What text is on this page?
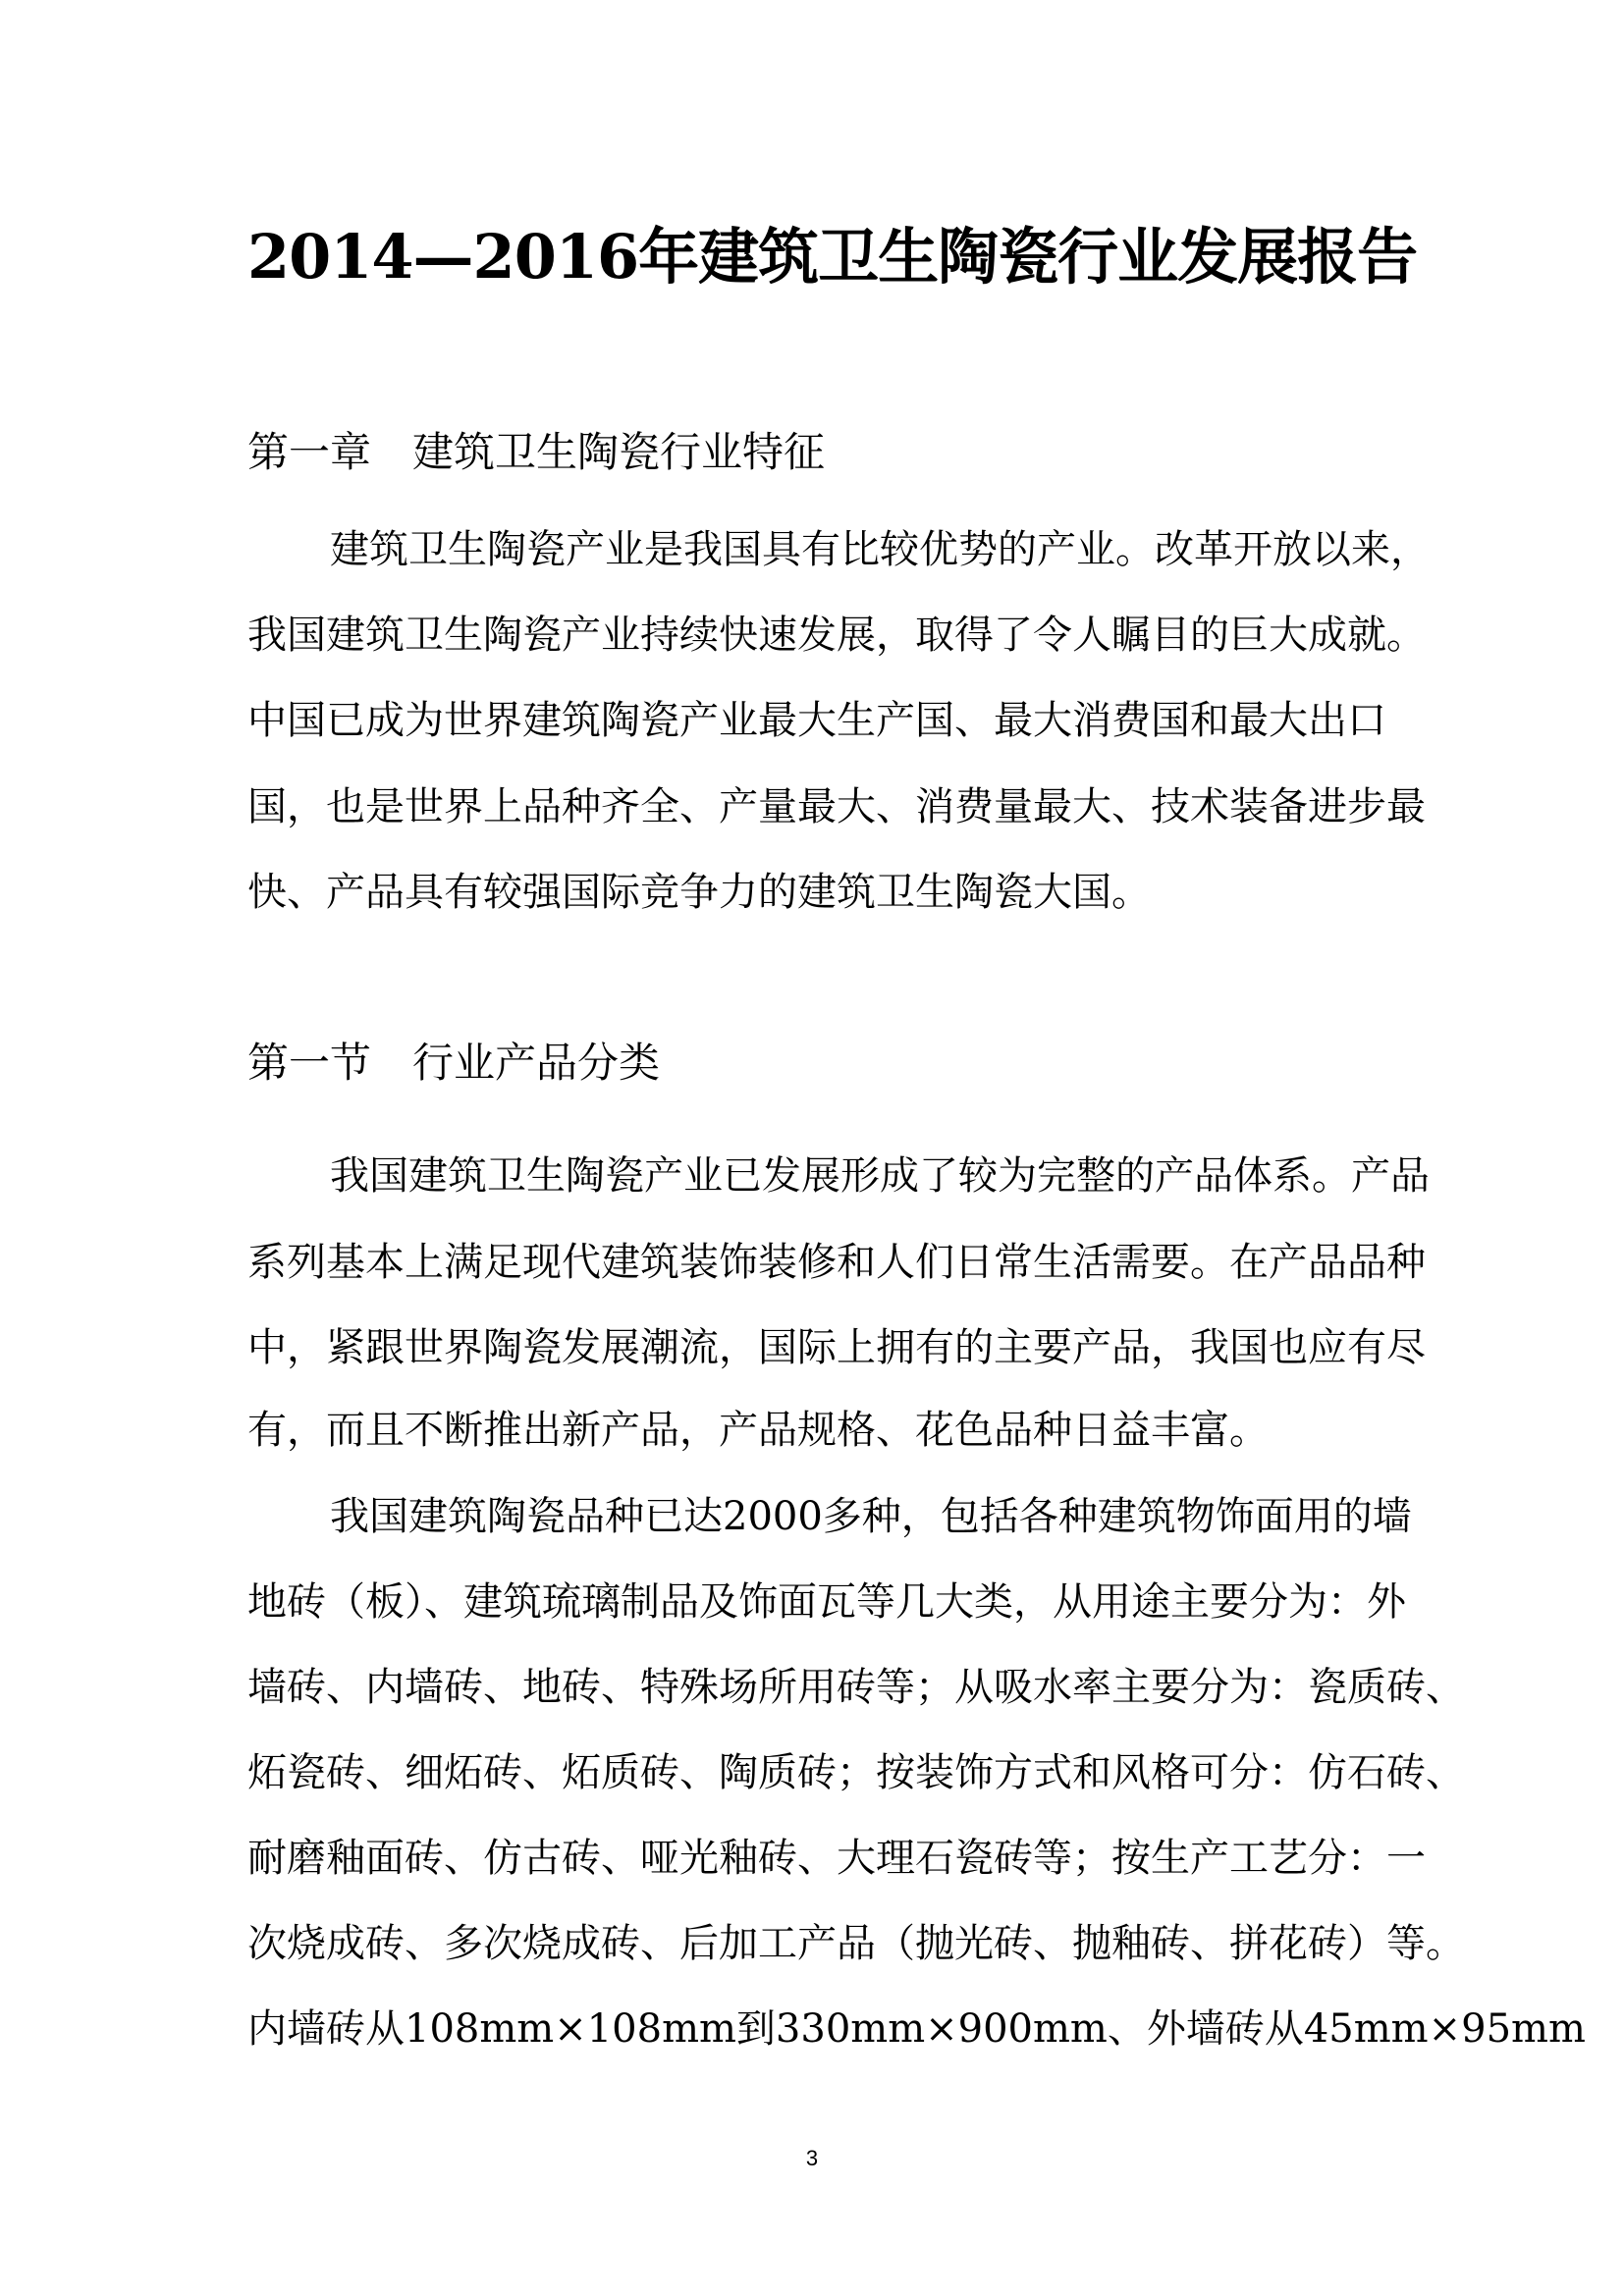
2014—2016年建筑卫生陶瓷行业发展报告
第一章　建筑卫生陶瓷行业特征
建筑卫生陶瓷产业是我国具有比较优势的产业。改革开放以来，
我国建筑卫生陶瓷产业持续快速发展，取得了令人瞩目的巨大成就。
中国已成为世界建筑陶瓷产业最大生产国、最大消费国和最大出口
国，也是世界上品种齐全、产量最大、消费量最大、技术装备进步最
快、产品具有较强国际竞争力的建筑卫生陶瓷大国。
第一节　行业产品分类
我国建筑卫生陶瓷产业已发展形成了较为完整的产品体系。产品
系列基本上满足现代建筑装饰装修和人们日常生活需要。在产品品种
中，紧跟世界陶瓷发展潮流，国际上拥有的主要产品，我国也应有尽
有，而且不断推出新产品，产品规格、花色品种日益丰富。
我国建筑陶瓷品种已达2000多种，包括各种建筑物饰面用的墙
地砖（板）、建筑琉璃制品及饰面瓦等几大类，从用途主要分为：外
墙砖、内墙砖、地砖、特殊场所用砖等；从吸水率主要分为：瓷质砖、
炻瓷砖、细炻砖、炻质砖、陶质砖；按装饰方式和风格可分：仿石砖、
耐磨釉面砖、仿古砖、哑光釉砖、大理石瓷砖等；按生产工艺分：一
次烧成砖、多次烧成砖、后加工产品（抛光砖、抛釉砖、拼花砖）等。
内墙砖从108mm×108mm到330mm×900mm、外墙砖从45mm×95mm
3
